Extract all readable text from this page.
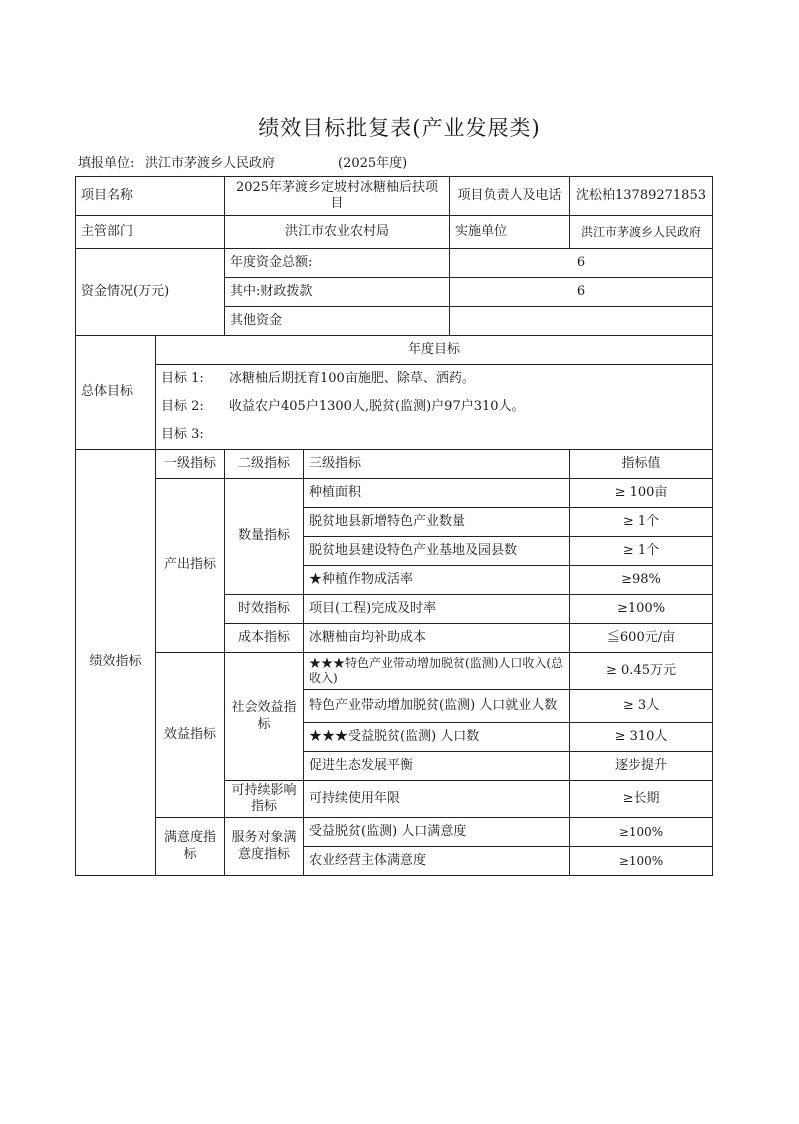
绩效目标批复表(产业发展类)
填报单位: 洪江市茅渡乡人民政府	(2025年度)
项目名称		2025年茅渡乡定坡村冰糖柚后扶项目		项目负责人及电话	沈松柏13789271853
主管部门		洪江市农业农村局		实施单位	洪江市茅渡乡人民政府
资金情况(万元)		年度资金总额:		6	
		其中:财政拨款		6	
		其他资金			
总体目标	年度目标				
	目标 1: 冰糖柚后期抚育100亩施肥、除草、洒药。				
	目标 2: 收益农户405户1300人,脱贫(监测)户97户310人。				
	目标 3:				
绩效指标	一级指标	二级指标	三级指标		指标值
	产出指标	数量指标	种植面积		≥ 100亩
			脱贫地县新增特色产业数量		≥ 1个
			脱贫地县建设特色产业基地及园县数		≥ 1个
			★种植作物成活率		≥98%
		时效指标	项目(工程)完成及时率		≥100%
		成本指标	冰糖柚亩均补助成本		≦600元/亩
	效益指标	社会效益指标	★★★特色产业带动增加脱贫(监测)人口收入(总收入)		≥ 0.45万元
			特色产业带动增加脱贫(监测) 人口就业人数		≥ 3人
			★★★受益脱贫(监测) 人口数		≥ 310人
			促进生态发展平衡		逐步提升
		可持续影响指标	可持续使用年限		≥长期
	满意度指标	服务对象满意度指标	受益脱贫(监测) 人口满意度		≥100%
			农业经营主体满意度		≥100%
